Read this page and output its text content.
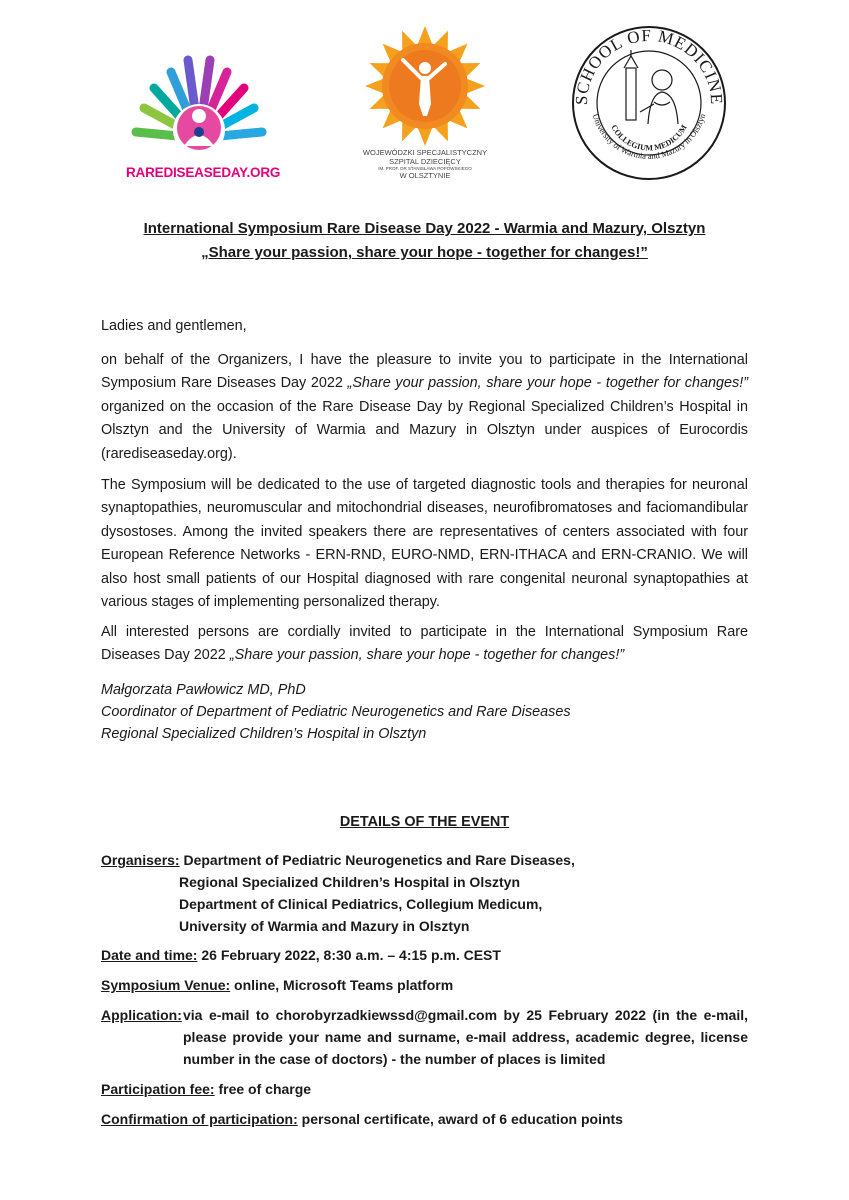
RAREDISEASEDAY.ORG
WOJEWÓDZKI SPECJALISTYCZNY
SZPITAL DZIECIĘCY
IM. PROF. DR STANISŁAWA POPOWSKIEGO
W OLSZTYNIE
SCHOOL OF MEDICINE
University of Warmia and Mazury in Olsztyn
COLLEGIUM MEDICUM
International Symposium Rare Disease Day 2022 - Warmia and Mazury, Olsztyn
„Share your passion, share your hope - together for changes!”
Ladies and gentlemen,

on behalf of the Organizers, I have the pleasure to invite you to participate in the International Symposium Rare Diseases Day 2022 „Share your passion, share your hope - together for changes!” organized on the occasion of the Rare Disease Day by Regional Specialized Children’s Hospital in Olsztyn and the University of Warmia and Mazury in Olsztyn under auspices of Eurocordis (rarediseaseday.org).

The Symposium will be dedicated to the use of targeted diagnostic tools and therapies for neuronal synaptopathies, neuromuscular and mitochondrial diseases, neurofibromatoses and faciomandibular dysostoses. Among the invited speakers there are representatives of centers associated with four European Reference Networks - ERN-RND, EURO-NMD, ERN-ITHACA and ERN-CRANIO. We will also host small patients of our Hospital diagnosed with rare congenital neuronal synaptopathies at various stages of implementing personalized therapy.

All interested persons are cordially invited to participate in the International Symposium Rare Diseases Day 2022 „Share your passion, share your hope - together for changes!”

Małgorzata Pawłowicz MD, PhD
Coordinator of Department of Pediatric Neurogenetics and Rare Diseases
Regional Specialized Children’s Hospital in Olsztyn
DETAILS OF THE EVENT
Organisers: Department of Pediatric Neurogenetics and Rare Diseases,
Regional Specialized Children’s Hospital in Olsztyn
Department of Clinical Pediatrics, Collegium Medicum,
University of Warmia and Mazury in Olsztyn
Date and time: 26 February 2022, 8:30 a.m. – 4:15 p.m. CEST
Symposium Venue: online, Microsoft Teams platform
Application: via e-mail to chorobyrzadkiewssd@gmail.com by 25 February 2022 (in the e-mail, please provide your name and surname, e-mail address, academic degree, license number in the case of doctors) - the number of places is limited
Participation fee: free of charge
Confirmation of participation: personal certificate, award of 6 education points
